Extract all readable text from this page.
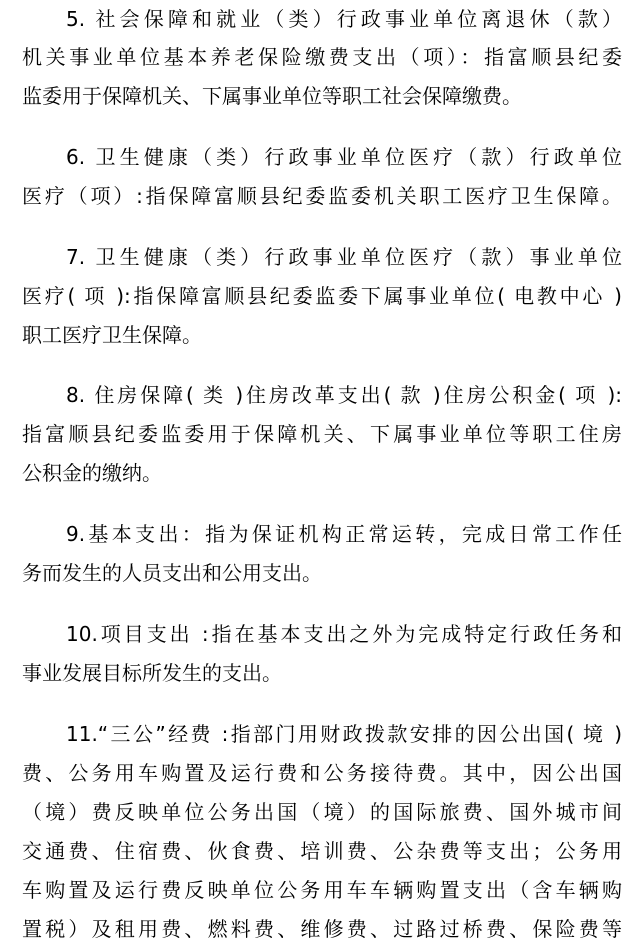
5. 社会保障和就业（类）行政事业单位离退休（款）
机关事业单位基本养老保险缴费支出（项）：指富顺县纪委
监委用于保障机关、下属事业单位等职工社会保障缴费。
6. 卫生健康（类）行政事业单位医疗（款）行政单位
医疗（项）:指保障富顺县纪委监委机关职工医疗卫生保障。
7. 卫生健康（类）行政事业单位医疗（款）事业单位
医疗( 项 ):指保障富顺县纪委监委下属事业单位( 电教中心 )
职工医疗卫生保障。
8. 住房保障( 类 )住房改革支出( 款 )住房公积金( 项 ):
指富顺县纪委监委用于保障机关、下属事业单位等职工住房
公积金的缴纳。
9.基本支出：指为保证机构正常运转，完成日常工作任
务而发生的人员支出和公用支出。
10.项目支出 :指在基本支出之外为完成特定行政任务和
事业发展目标所发生的支出。
11.“三公”经费 :指部门用财政拨款安排的因公出国( 境 )
费、公务用车购置及运行费和公务接待费。其中，因公出国
（境）费反映单位公务出国（境）的国际旅费、国外城市间
交通费、住宿费、伙食费、培训费、公杂费等支出；公务用
车购置及运行费反映单位公务用车车辆购置支出（含车辆购
置税）及租用费、燃料费、维修费、过路过桥费、保险费等
